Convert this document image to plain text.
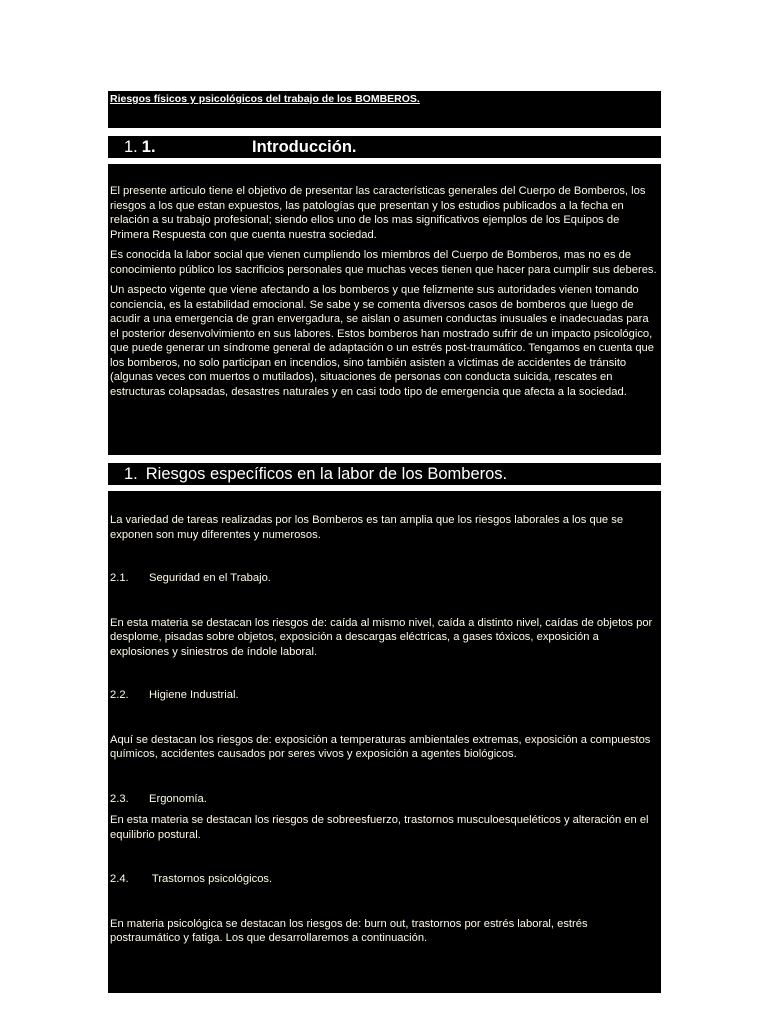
Riesgos físicos y psicológicos del trabajo de los BOMBEROS.

1. 1.	Introducción.

El presente articulo tiene el objetivo de presentar las características generales del Cuerpo de Bomberos, los riesgos a los que estan expuestos, las patologías que presentan y los estudios publicados a la fecha en relación a su trabajo profesional; siendo ellos uno de los mas significativos ejemplos de los Equipos de Primera Respuesta con que cuenta nuestra sociedad.

Es conocida la labor social que vienen cumpliendo los miembros del Cuerpo de Bomberos, mas no es de conocimiento público los sacrificios personales que muchas veces tienen que hacer para cumplir sus deberes.

Un aspecto vigente que viene afectando a los bomberos y que felizmente sus autoridades vienen tomando conciencia, es la estabilidad emocional. Se sabe y se comenta diversos casos de bomberos que luego de acudir a una emergencia de gran envergadura, se aislan o asumen conductas inusuales e inadecuadas para el posterior desenvolvimiento en sus labores. Estos bomberos han mostrado sufrir de un impacto psicológico, que puede generar un síndrome general de adaptación o un estrés post-traumático. Tengamos en cuenta que los bomberos, no solo participan en incendios, sino también asisten a víctimas de accidentes de tránsito (algunas veces con muertos o mutilados), situaciones de personas con conducta suicida, rescates en estructuras colapsadas, desastres naturales y en casi todo tipo de emergencia que afecta a la sociedad.

1. Riesgos específicos en la labor de los Bomberos.

La variedad de tareas realizadas por los Bomberos es tan amplia que los riesgos laborales a los que se exponen son muy diferentes y numerosos.

2.1. Seguridad en el Trabajo.

En esta materia se destacan los riesgos de: caída al mismo nivel, caída a distinto nivel, caídas de objetos por desplome, pisadas sobre objetos, exposición a descargas eléctricas, a gases tóxicos, exposición a explosiones y siniestros de índole laboral.

2.2. Higiene Industrial.

Aquí se destacan los riesgos de: exposición a temperaturas ambientales extremas, exposición a compuestos químicos, accidentes causados por seres vivos y exposición a agentes biológicos.

2.3. Ergonomía.

En esta materia se destacan los riesgos de sobreesfuerzo, trastornos musculoesqueléticos y alteración en el equilibrio postural.

2.4. Trastornos psicológicos.

En materia psicológica se destacan los riesgos de: burn out, trastornos por estrés laboral, estrés postraumático y fatiga. Los que desarrollaremos a continuación.
